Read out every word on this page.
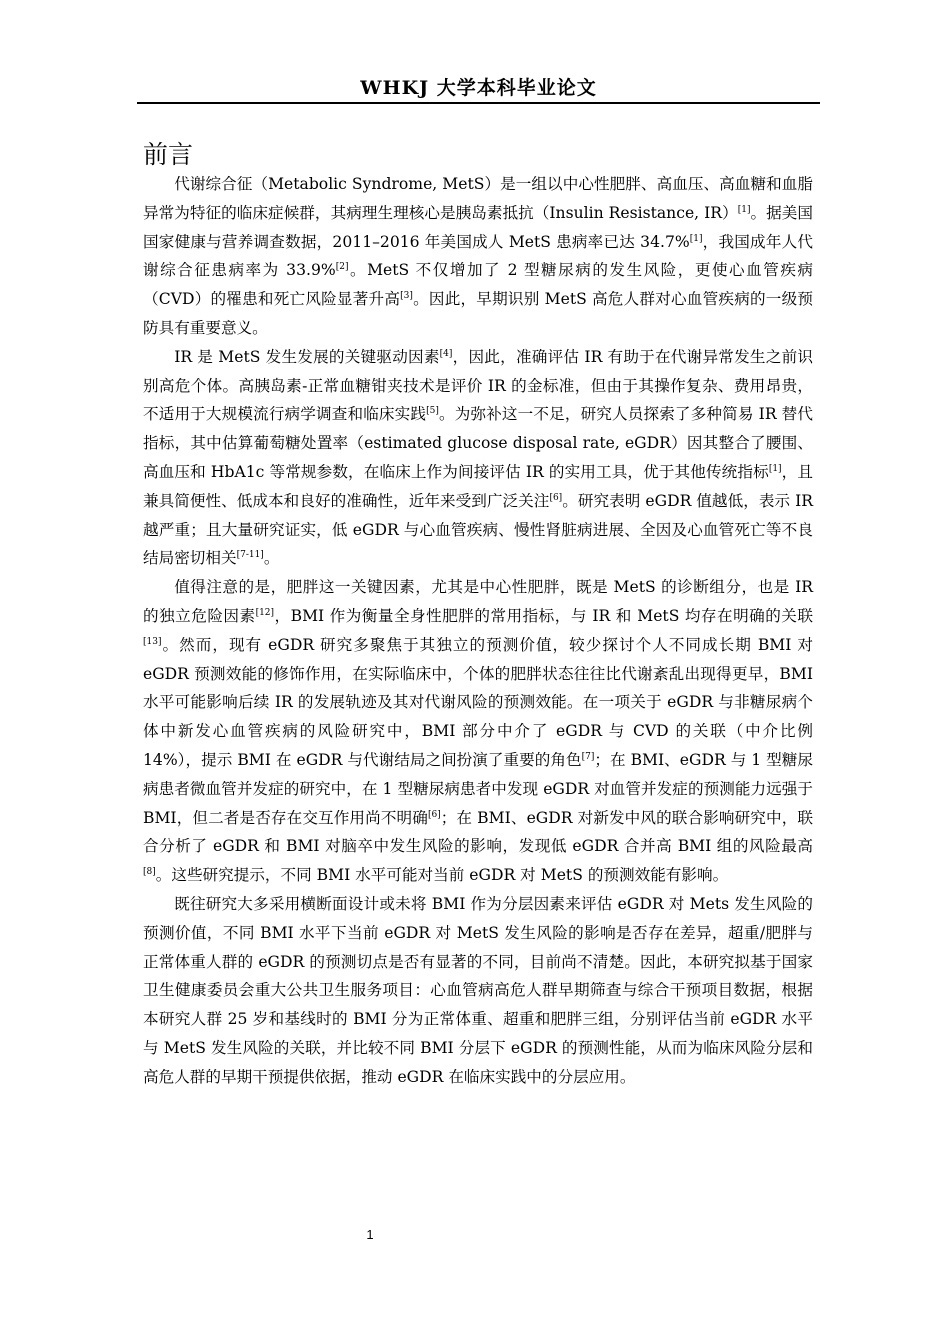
WHKJ 大学本科毕业论文
前言

代谢综合征（Metabolic Syndrome, MetS）是一组以中心性肥胖、高血压、高血糖和血脂异常为特征的临床症候群，其病理生理核心是胰岛素抵抗（Insulin Resistance, IR）[1]。据美国国家健康与营养调查数据，2011–2016 年美国成人 MetS 患病率已达 34.7%[1]，我国成年人代谢综合征患病率为 33.9%[2]。MetS 不仅增加了 2 型糖尿病的发生风险，更使心血管疾病（CVD）的罹患和死亡风险显著升高[3]。因此，早期识别 MetS 高危人群对心血管疾病的一级预防具有重要意义。

IR 是 MetS 发生发展的关键驱动因素[4]，因此，准确评估 IR 有助于在代谢异常发生之前识别高危个体。高胰岛素-正常血糖钳夹技术是评价 IR 的金标准，但由于其操作复杂、费用昂贵，不适用于大规模流行病学调查和临床实践[5]。为弥补这一不足，研究人员探索了多种简易 IR 替代指标，其中估算葡萄糖处置率（estimated glucose disposal rate, eGDR）因其整合了腰围、高血压和 HbA1c 等常规参数，在临床上作为间接评估 IR 的实用工具，优于其他传统指标[1]，且兼具简便性、低成本和良好的准确性，近年来受到广泛关注[6]。研究表明 eGDR 值越低，表示 IR 越严重；且大量研究证实，低 eGDR 与心血管疾病、慢性肾脏病进展、全因及心血管死亡等不良结局密切相关[7-11]。

值得注意的是，肥胖这一关键因素，尤其是中心性肥胖，既是 MetS 的诊断组分，也是 IR 的独立危险因素[12]，BMI 作为衡量全身性肥胖的常用指标，与 IR 和 MetS 均存在明确的关联[13]。然而，现有 eGDR 研究多聚焦于其独立的预测价值，较少探讨个人不同成长期 BMI 对 eGDR 预测效能的修饰作用，在实际临床中，个体的肥胖状态往往比代谢紊乱出现得更早，BMI 水平可能影响后续 IR 的发展轨迹及其对代谢风险的预测效能。在一项关于 eGDR 与非糖尿病个体中新发心血管疾病的风险研究中，BMI 部分中介了 eGDR 与 CVD 的关联（中介比例 14%），提示 BMI 在 eGDR 与代谢结局之间扮演了重要的角色[7]；在 BMI、eGDR 与 1 型糖尿病患者微血管并发症的研究中，在 1 型糖尿病患者中发现 eGDR 对血管并发症的预测能力远强于 BMI，但二者是否存在交互作用尚不明确[6]；在 BMI、eGDR 对新发中风的联合影响研究中，联合分析了 eGDR 和 BMI 对脑卒中发生风险的影响，发现低 eGDR 合并高 BMI 组的风险最高[8]。这些研究提示，不同 BMI 水平可能对当前 eGDR 对 MetS 的预测效能有影响。

既往研究大多采用横断面设计或未将 BMI 作为分层因素来评估 eGDR 对 Mets 发生风险的预测价值，不同 BMI 水平下当前 eGDR 对 MetS 发生风险的影响是否存在差异，超重/肥胖与正常体重人群的 eGDR 的预测切点是否有显著的不同，目前尚不清楚。因此，本研究拟基于国家卫生健康委员会重大公共卫生服务项目：心血管病高危人群早期筛查与综合干预项目数据，根据本研究人群 25 岁和基线时的 BMI 分为正常体重、超重和肥胖三组，分别评估当前 eGDR 水平与 MetS 发生风险的关联，并比较不同 BMI 分层下 eGDR 的预测性能，从而为临床风险分层和高危人群的早期干预提供依据，推动 eGDR 在临床实践中的分层应用。

1
